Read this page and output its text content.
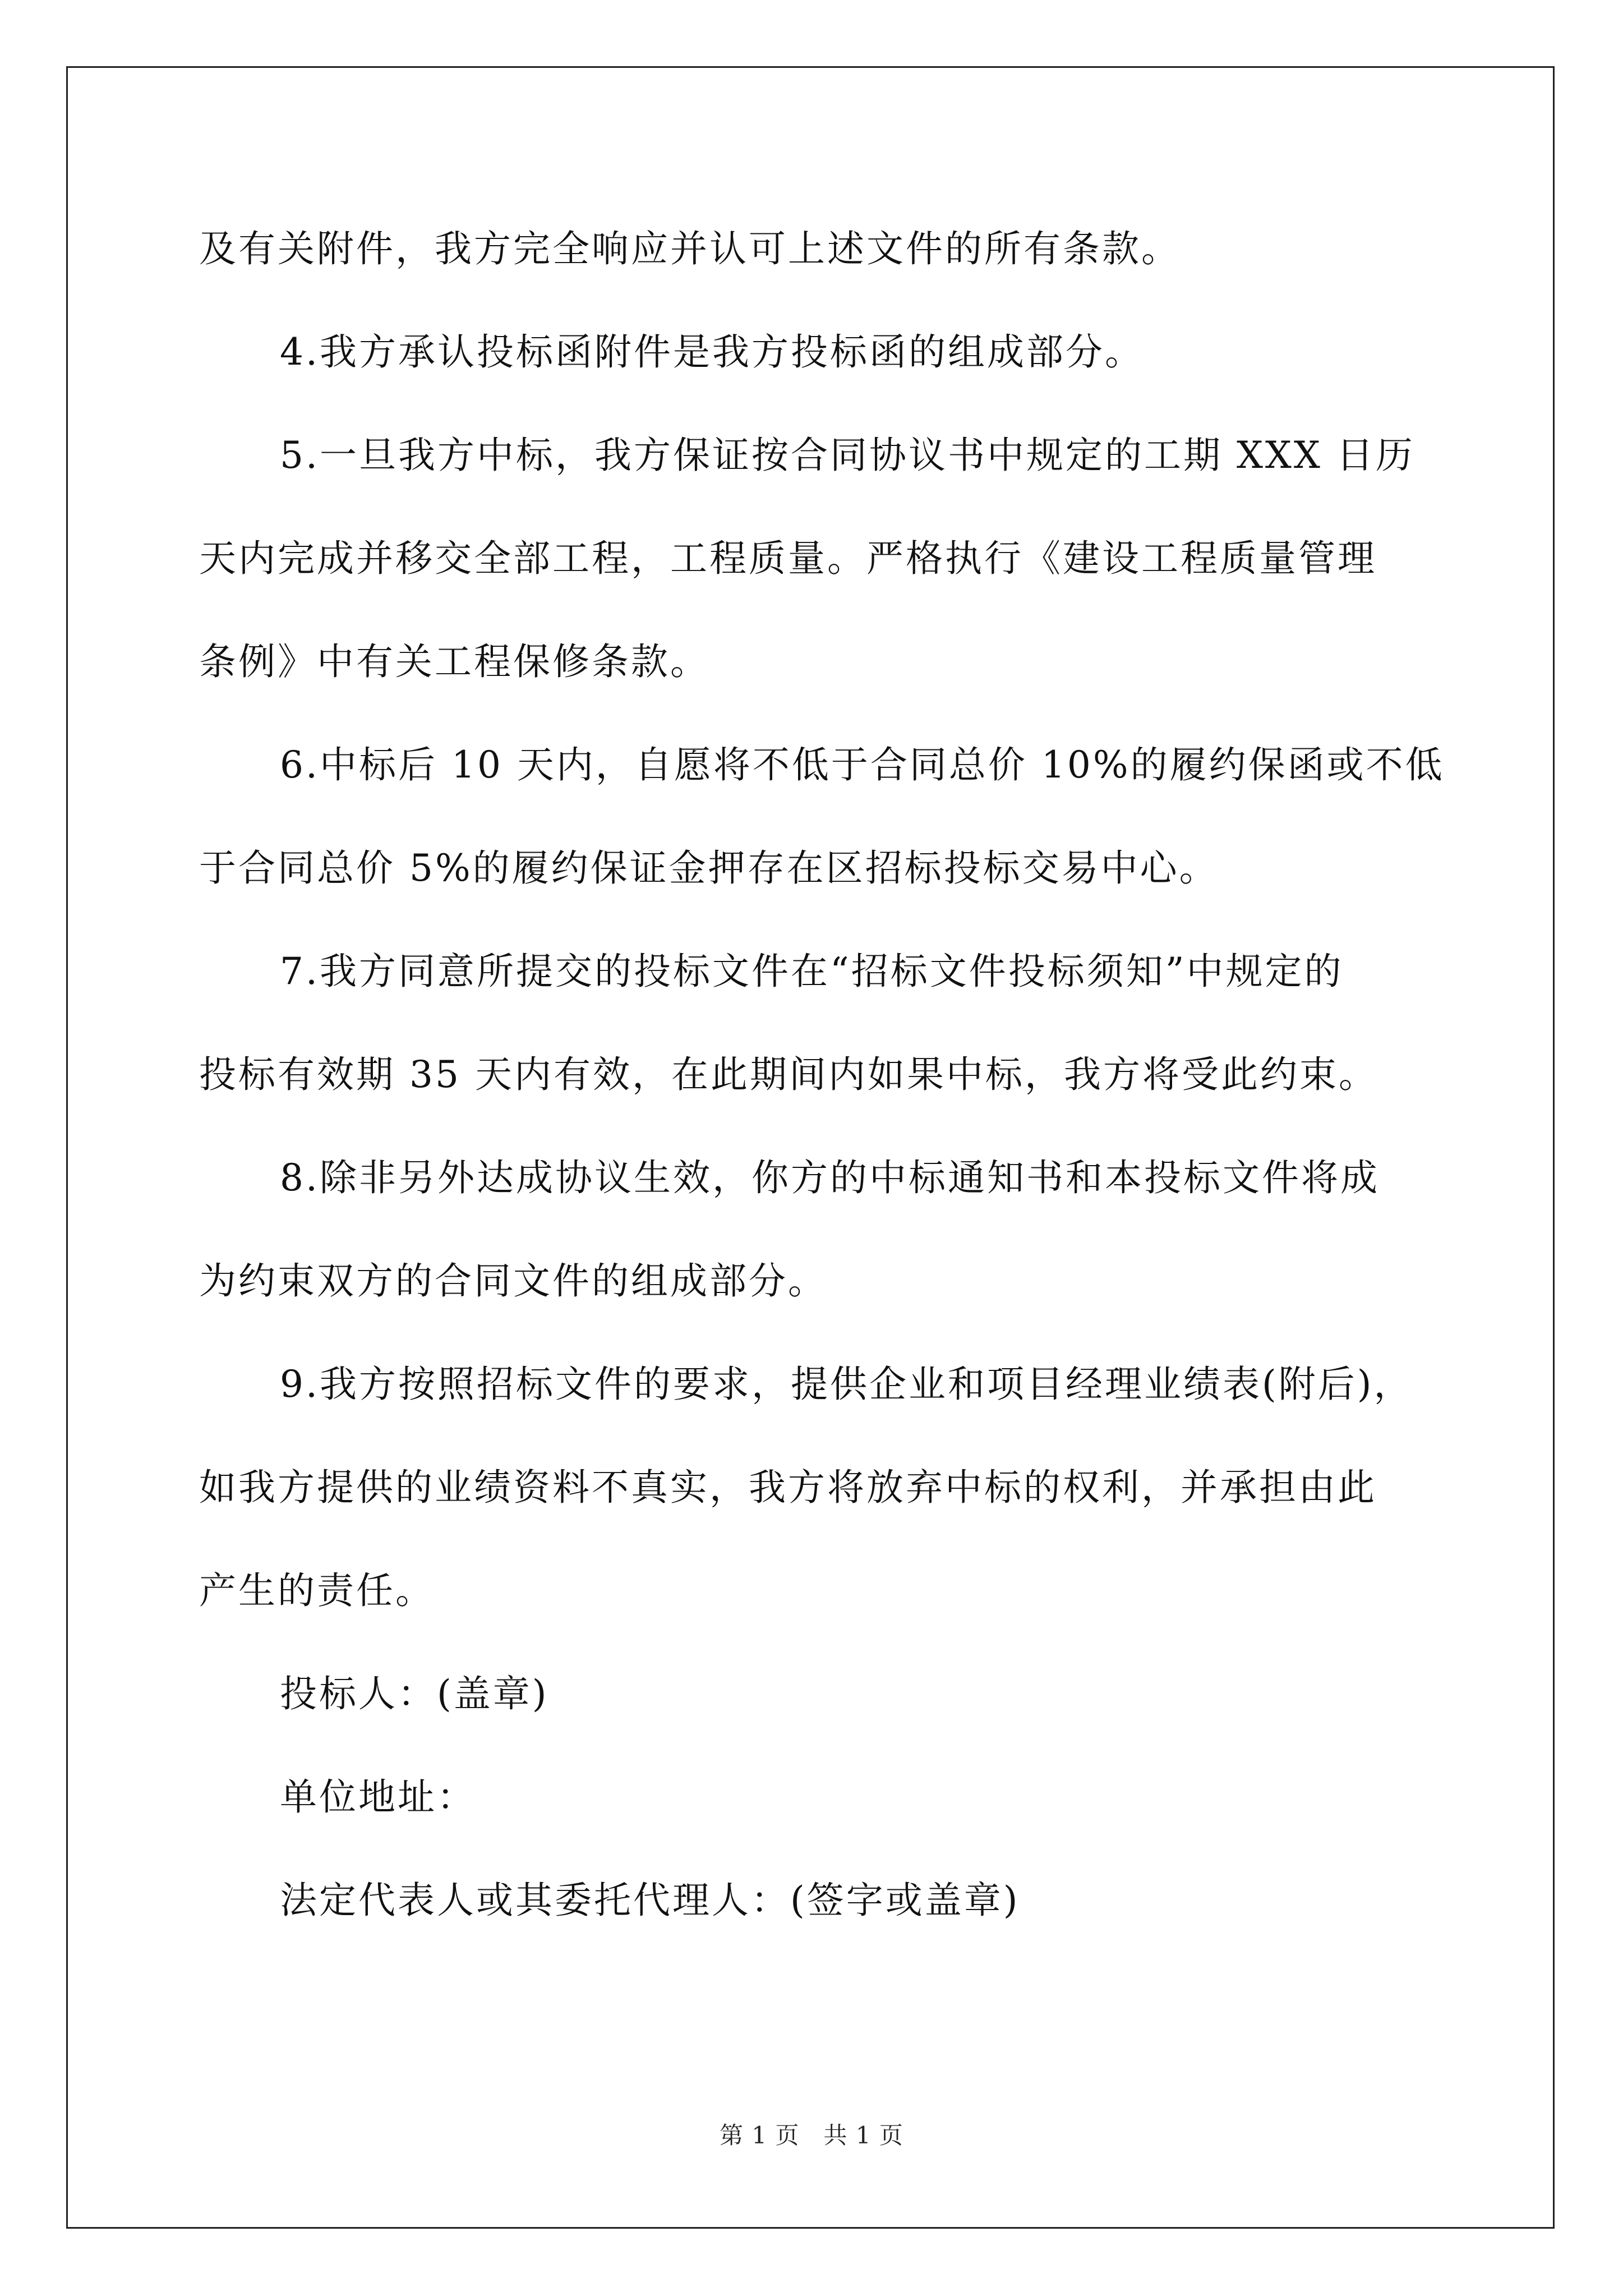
及有关附件，我方完全响应并认可上述文件的所有条款。
4.我方承认投标函附件是我方投标函的组成部分。
5.一旦我方中标，我方保证按合同协议书中规定的工期 XXX 日历
天内完成并移交全部工程，工程质量。严格执行《建设工程质量管理
条例》中有关工程保修条款。
6.中标后 10 天内，自愿将不低于合同总价 10%的履约保函或不低
于合同总价 5%的履约保证金押存在区招标投标交易中心。
7.我方同意所提交的投标文件在“招标文件投标须知”中规定的
投标有效期 35 天内有效，在此期间内如果中标，我方将受此约束。
8.除非另外达成协议生效，你方的中标通知书和本投标文件将成
为约束双方的合同文件的组成部分。
9.我方按照招标文件的要求，提供企业和项目经理业绩表(附后)，
如我方提供的业绩资料不真实，我方将放弃中标的权利，并承担由此
产生的责任。
投标人：(盖章)
单位地址：
法定代表人或其委托代理人：(签字或盖章)
第 1 页　共 1 页
